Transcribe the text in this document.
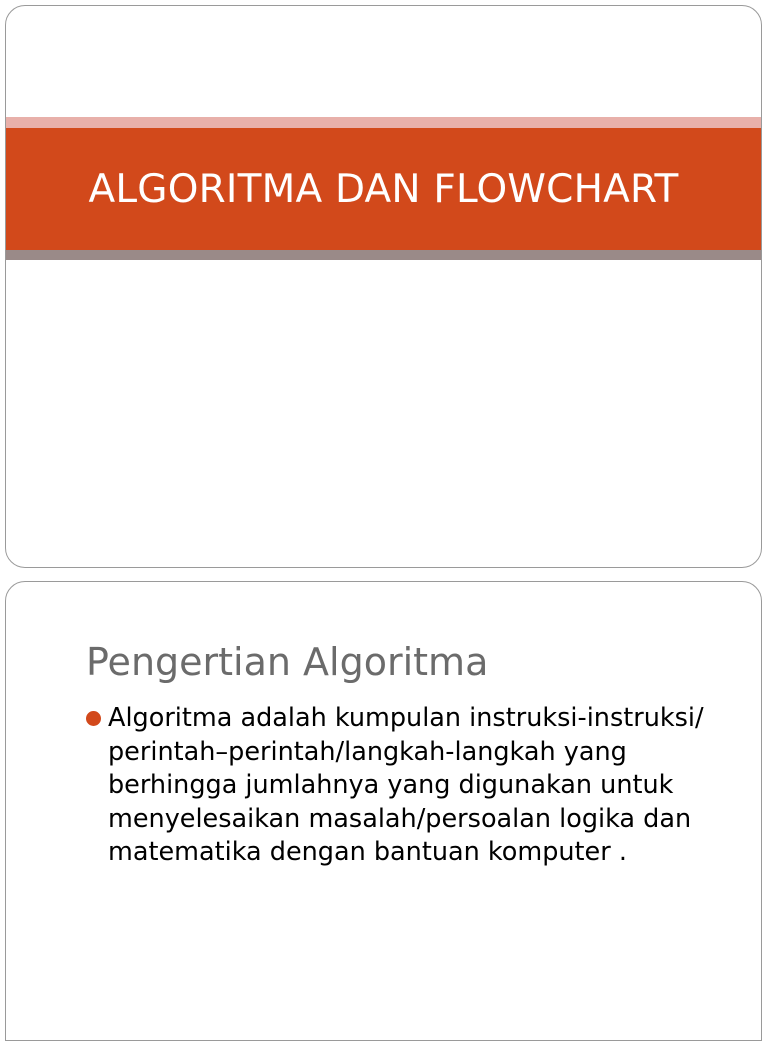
ALGORITMA DAN FLOWCHART
Pengertian Algoritma
Algoritma adalah kumpulan instruksi-instruksi/ perintah–perintah/langkah-langkah yang berhingga jumlahnya yang digunakan untuk menyelesaikan masalah/persoalan logika dan matematika dengan bantuan komputer .
